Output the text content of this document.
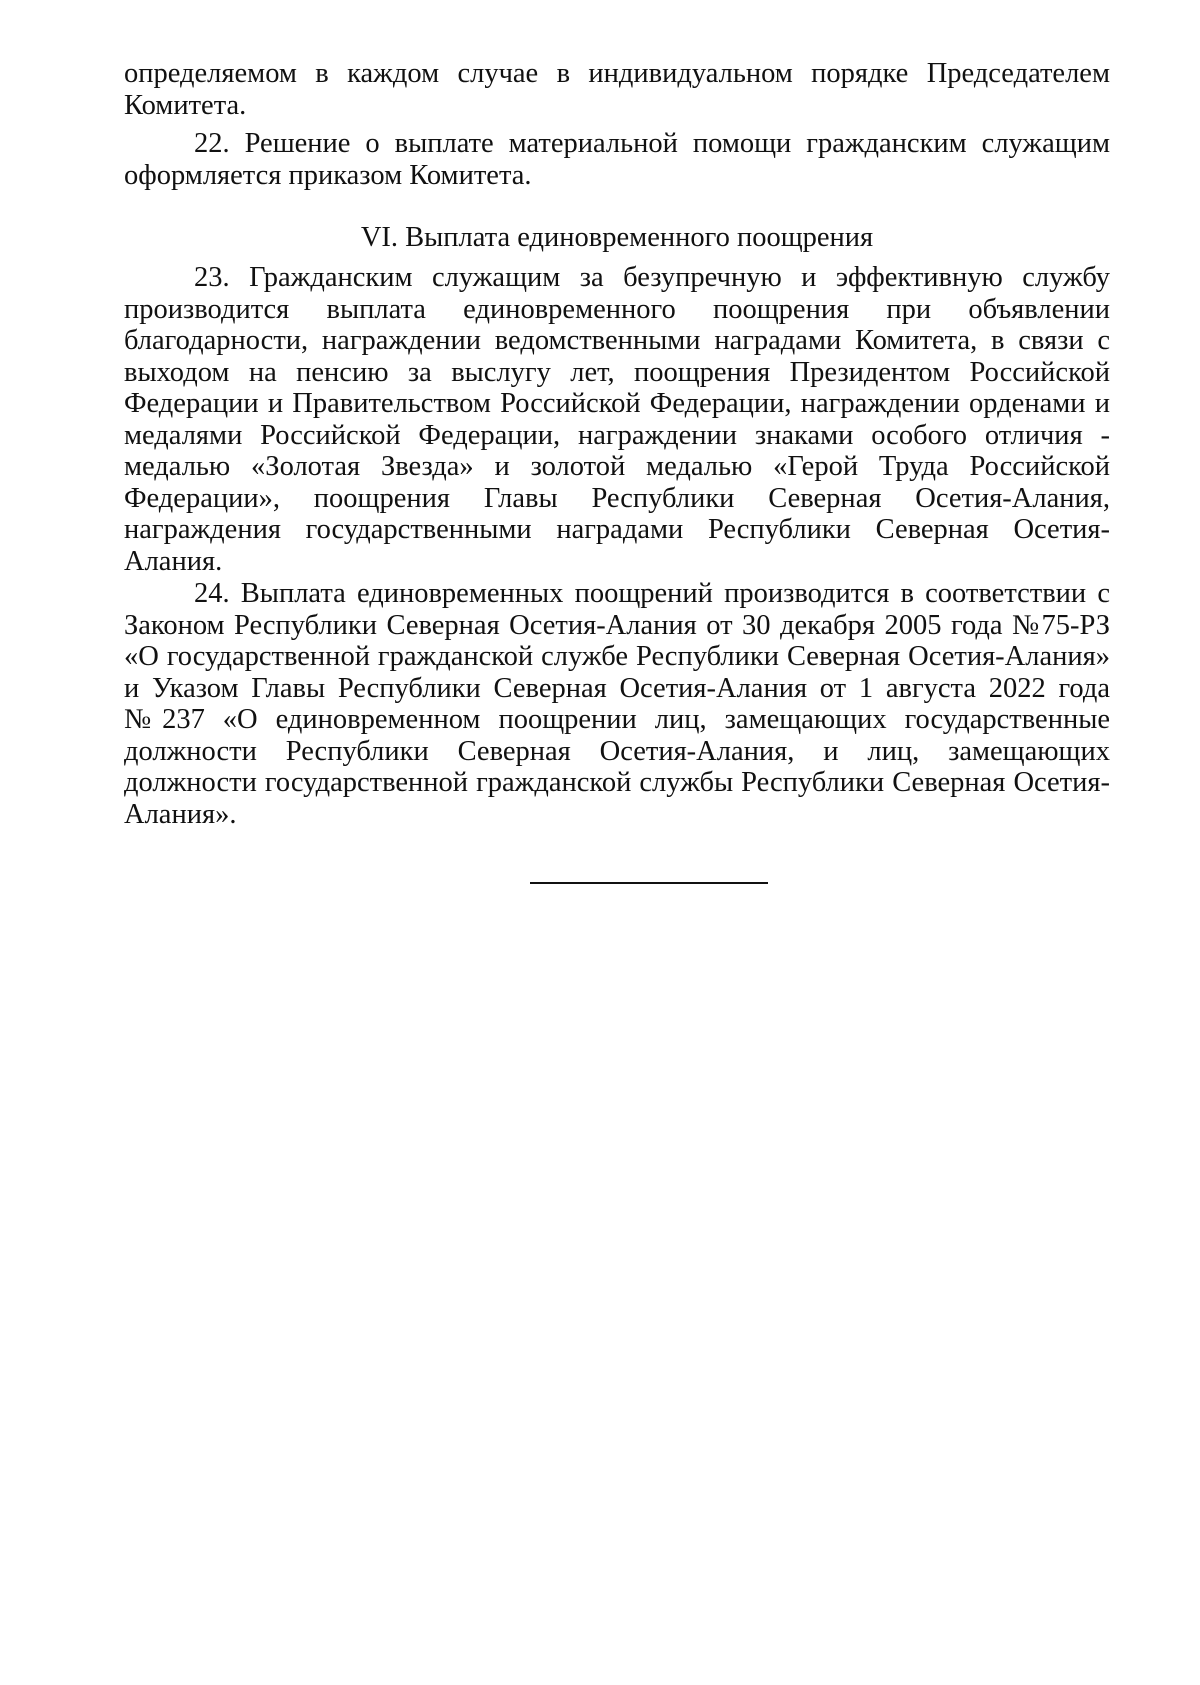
определяемом в каждом случае в индивидуальном порядке Председателем Комитета.

22. Решение о выплате материальной помощи гражданским служащим оформляется приказом Комитета.

VI. Выплата единовременного поощрения

23. Гражданским служащим за безупречную и эффективную службу производится выплата единовременного поощрения при объявлении благодарности, награждении ведомственными наградами Комитета, в связи с выходом на пенсию за выслугу лет, поощрения Президентом Российской Федерации и Правительством Российской Федерации, награждении орденами и медалями Российской Федерации, награждении знаками особого отличия - медалью «Золотая Звезда» и золотой медалью «Герой Труда Российской Федерации», поощрения Главы Республики Северная Осетия-Алания, награждения государственными наградами Республики Северная Осетия-Алания.

24. Выплата единовременных поощрений производится в соответствии с Законом Республики Северная Осетия-Алания от 30 декабря 2005 года №75-РЗ «О государственной гражданской службе Республики Северная Осетия-Алания» и Указом Главы Республики Северная Осетия-Алания от 1 августа 2022 года №237 «О единовременном поощрении лиц, замещающих государственные должности Республики Северная Осетия-Алания, и лиц, замещающих должности государственной гражданской службы Республики Северная Осетия-Алания».
